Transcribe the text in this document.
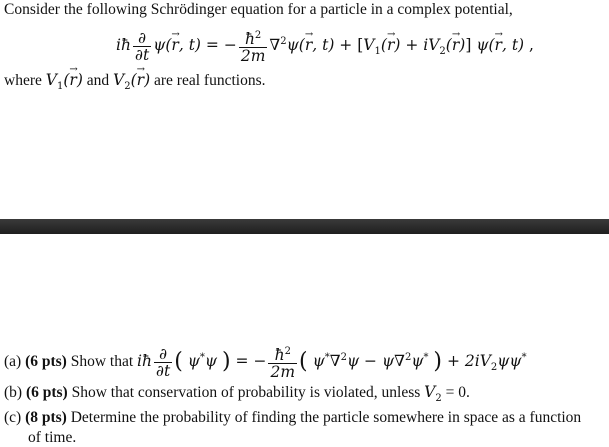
Consider the following Schrödinger equation for a particle in a complex potential,
iħ $\frac{\partial}{\partial t} \psi(\to r$, t) = − $\frac{ħ^2}{2m} \nabla^2\psi(\to r$, $t) + [V_1(\to r) + iV_2(\to r)]$ ψ(→ r, t) ,
where $V_1(\to r)$ and $V_2(\to r)$ are real functions.
(a) (6 pts) Show that iħ $\frac{\partial}{\partial t}$ ( ψ*ψ ) = − $\frac{ħ^2}{2m}$ ( ψ*∇$^2$ψ − ψ∇$^2$ψ* ) + $2iV_2\psi\psi^*$
(b) (6 pts) Show that conservation of probability is violated, unless $V_2 = 0$.
(c) (8 pts) Determine the probability of finding the particle somewhere in space as a function
of time.
